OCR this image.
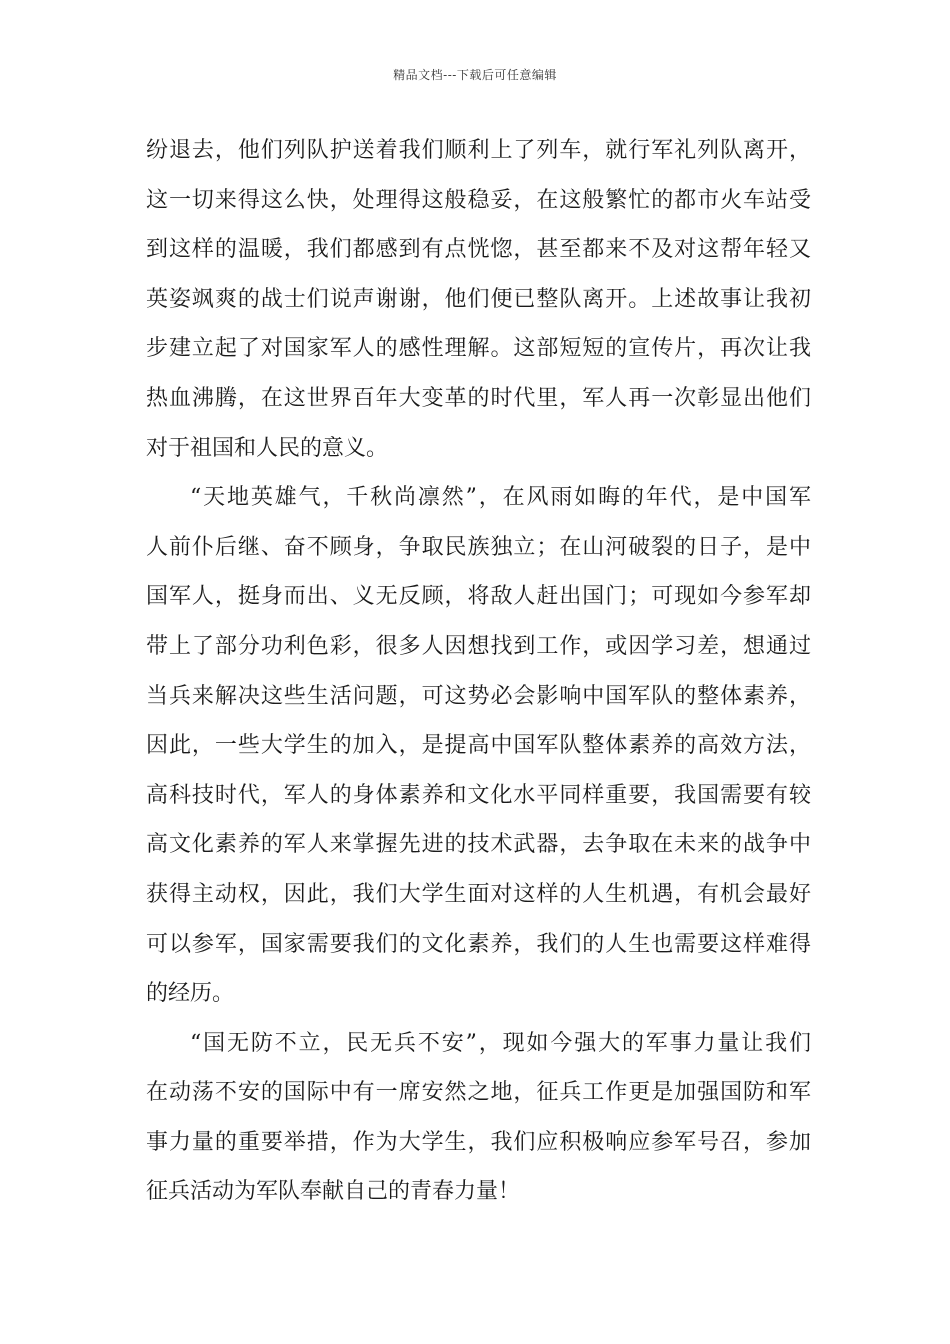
精品文档---下载后可任意编辑
纷退去，他们列队护送着我们顺利上了列车，就行军礼列队离开，
这一切来得这么快，处理得这般稳妥，在这般繁忙的都市火车站受
到这样的温暖，我们都感到有点恍惚，甚至都来不及对这帮年轻又
英姿飒爽的战士们说声谢谢，他们便已整队离开。上述故事让我初
步建立起了对国家军人的感性理解。这部短短的宣传片，再次让我
热血沸腾，在这世界百年大变革的时代里，军人再一次彰显出他们
对于祖国和人民的意义。
“天地英雄气，千秋尚凛然”，在风雨如晦的年代，是中国军
人前仆后继、奋不顾身，争取民族独立；在山河破裂的日子，是中
国军人，挺身而出、义无反顾，将敌人赶出国门；可现如今参军却
带上了部分功利色彩，很多人因想找到工作，或因学习差，想通过
当兵来解决这些生活问题，可这势必会影响中国军队的整体素养，
因此，一些大学生的加入，是提高中国军队整体素养的高效方法，
高科技时代，军人的身体素养和文化水平同样重要，我国需要有较
高文化素养的军人来掌握先进的技术武器，去争取在未来的战争中
获得主动权，因此，我们大学生面对这样的人生机遇，有机会最好
可以参军，国家需要我们的文化素养，我们的人生也需要这样难得
的经历。
“国无防不立，民无兵不安”，现如今强大的军事力量让我们
在动荡不安的国际中有一席安然之地，征兵工作更是加强国防和军
事力量的重要举措，作为大学生，我们应积极响应参军号召，参加
征兵活动为军队奉献自己的青春力量！
